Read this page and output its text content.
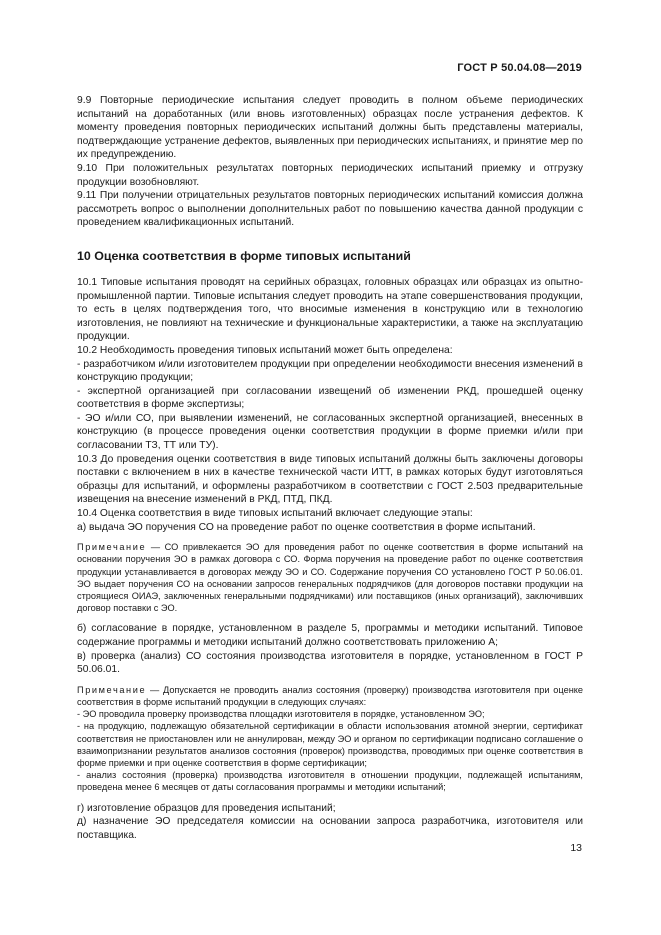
ГОСТ Р 50.04.08—2019

9.9 Повторные периодические испытания следует проводить в полном объеме периодических испытаний на доработанных (или вновь изготовленных) образцах после устранения дефектов. К моменту проведения повторных периодических испытаний должны быть представлены материалы, подтверждающие устранение дефектов, выявленных при периодических испытаниях, и принятие мер по их предупреждению.

9.10 При положительных результатах повторных периодических испытаний приемку и отгрузку продукции возобновляют.

9.11 При получении отрицательных результатов повторных периодических испытаний комиссия должна рассмотреть вопрос о выполнении дополнительных работ по повышению качества данной продукции с проведением квалификационных испытаний.

10 Оценка соответствия в форме типовых испытаний

10.1 Типовые испытания проводят на серийных образцах, головных образцах или образцах из опытно-промышленной партии. Типовые испытания следует проводить на этапе совершенствования продукции, то есть в целях подтверждения того, что вносимые изменения в конструкцию или в технологию изготовления, не повлияют на технические и функциональные характеристики, а также на эксплуатацию продукции.

10.2 Необходимость проведения типовых испытаний может быть определена:

- разработчиком и/или изготовителем продукции при определении необходимости внесения изменений в конструкцию продукции;

- экспертной организацией при согласовании извещений об изменении РКД, прошедшей оценку соответствия в форме экспертизы;

- ЭО и/или СО, при выявлении изменений, не согласованных экспертной организацией, внесенных в конструкцию (в процессе проведения оценки соответствия продукции в форме приемки и/или при согласовании ТЗ, ТТ или ТУ).

10.3 До проведения оценки соответствия в виде типовых испытаний должны быть заключены договоры поставки с включением в них в качестве технической части ИТТ, в рамках которых будут изготовляться образцы для испытаний, и оформлены разработчиком в соответствии с ГОСТ 2.503 предварительные извещения на внесение изменений в РКД, ПТД, ПКД.

10.4 Оценка соответствия в виде типовых испытаний включает следующие этапы:

а) выдача ЭО поручения СО на проведение работ по оценке соответствия в форме испытаний.

Примечание — СО привлекается ЭО для проведения работ по оценке соответствия в форме испытаний на основании поручения ЭО в рамках договора с СО. Форма поручения на проведение работ по оценке соответствия продукции устанавливается в договорах между ЭО и СО. Содержание поручения СО установлено ГОСТ Р 50.06.01. ЭО выдает поручения СО на основании запросов генеральных подрядчиков (для договоров поставки продукции на строящиеся ОИАЭ, заключенных генеральными подрядчиками) или поставщиков (иных организаций), заключивших договор поставки с ЭО.

б) согласование в порядке, установленном в разделе 5, программы и методики испытаний. Типовое содержание программы и методики испытаний должно соответствовать приложению А;

в) проверка (анализ) СО состояния производства изготовителя в порядке, установленном в ГОСТ Р 50.06.01.

Примечание — Допускается не проводить анализ состояния (проверку) производства изготовителя при оценке соответствия в форме испытаний продукции в следующих случаях:

- ЭО проводила проверку производства площадки изготовителя в порядке, установленном ЭО;

- на продукцию, подлежащую обязательной сертификации в области использования атомной энергии, сертификат соответствия не приостановлен или не аннулирован, между ЭО и органом по сертификации подписано соглашение о взаимопризнании результатов анализов состояния (проверок) производства, проводимых при оценке соответствия в форме приемки и при оценке соответствия в форме сертификации;

- анализ состояния (проверка) производства изготовителя в отношении продукции, подлежащей испытаниям, проведена менее 6 месяцев от даты согласования программы и методики испытаний;

г) изготовление образцов для проведения испытаний;

д) назначение ЭО председателя комиссии на основании запроса разработчика, изготовителя или поставщика.

13
